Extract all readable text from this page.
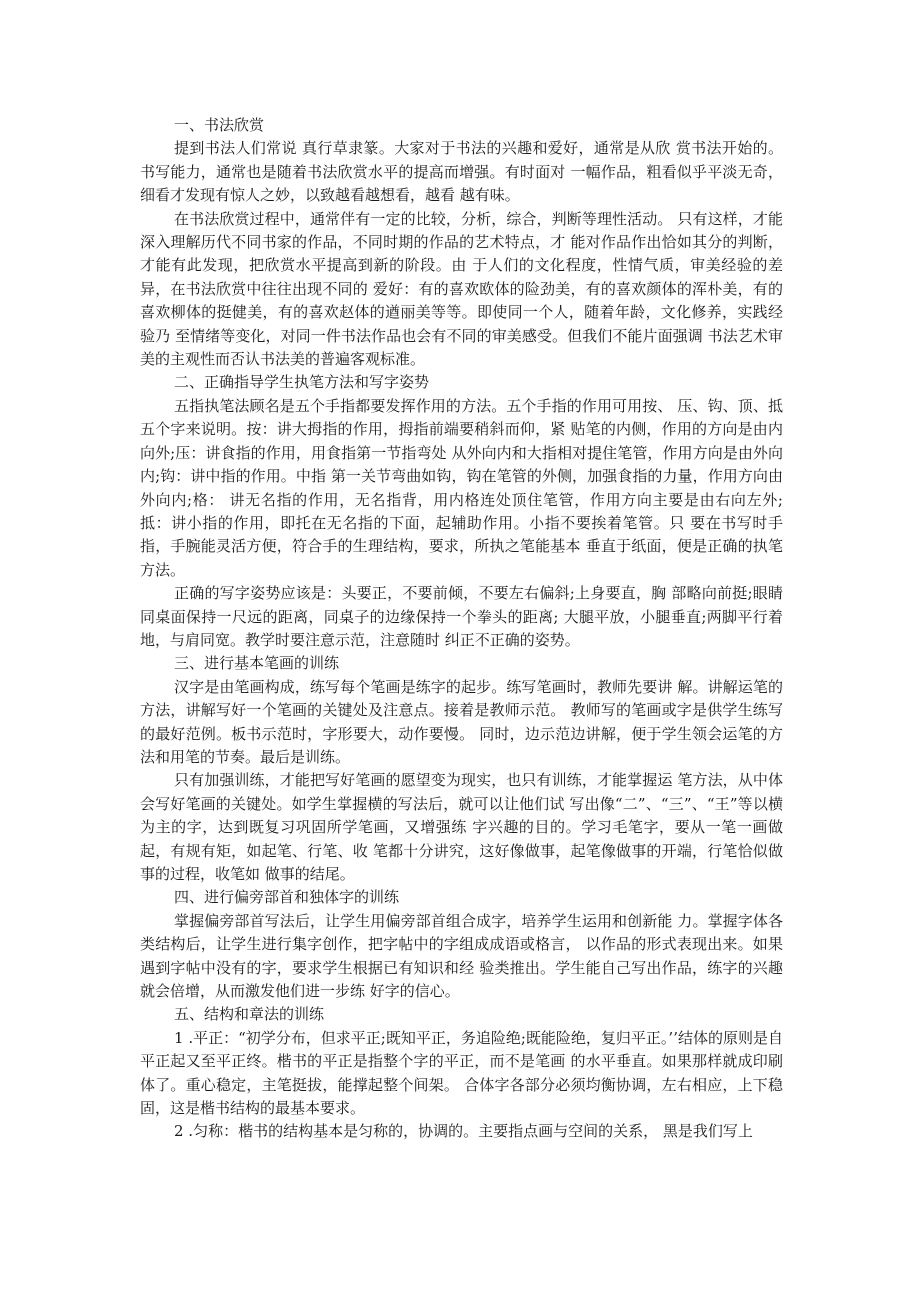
一、书法欣赏

提到书法人们常说 真行草隶篆。大家对于书法的兴趣和爱好，通常是从欣 赏书法开始的。书写能力，通常也是随着书法欣赏水平的提高而增强。有时面对 一幅作品，粗看似乎平淡无奇，细看才发现有惊人之妙，以致越看越想看，越看 越有味。

在书法欣赏过程中，通常伴有一定的比较，分析，综合，判断等理性活动。 只有这样，才能深入理解历代不同书家的作品，不同时期的作品的艺术特点，才 能对作品作出恰如其分的判断，才能有此发现，把欣赏水平提高到新的阶段。由 于人们的文化程度，性情气质，审美经验的差异，在书法欣赏中往往出现不同的 爱好：有的喜欢欧体的险劲美，有的喜欢颜体的浑朴美，有的喜欢柳体的挺健美，有的喜欢赵体的遒丽美等等。即使同一个人，随着年龄，文化修养，实践经验乃 至情绪等变化，对同一件书法作品也会有不同的审美感受。但我们不能片面强调 书法艺术审美的主观性而否认书法美的普遍客观标准。

二、正确指导学生执笔方法和写字姿势

五指执笔法顾名是五个手指都要发挥作用的方法。五个手指的作用可用按、 压、钩、顶、抵五个字来说明。按：讲大拇指的作用，拇指前端要稍斜而仰，紧 贴笔的内侧，作用的方向是由内向外;压：讲食指的作用，用食指第一节指弯处 从外向内和大指相对提住笔管，作用方向是由外向内;钩：讲中指的作用。中指 第一关节弯曲如钩，钩在笔管的外侧，加强食指的力量，作用方向由外向内;格： 讲无名指的作用，无名指背，用内格连处顶住笔管，作用方向主要是由右向左外; 抵：讲小指的作用，即托在无名指的下面，起辅助作用。小指不要挨着笔管。只 要在书写时手指，手腕能灵活方便，符合手的生理结构，要求，所执之笔能基本 垂直于纸面，便是正确的执笔方法。

正确的写字姿势应该是：头要正，不要前倾，不要左右偏斜;上身要直，胸 部略向前挺;眼睛同桌面保持一尺远的距离，同桌子的边缘保持一个拳头的距离; 大腿平放，小腿垂直;两脚平行着地，与肩同宽。教学时要注意示范，注意随时 纠正不正确的姿势。

三、进行基本笔画的训练

汉字是由笔画构成，练写每个笔画是练字的起步。练写笔画时，教师先要讲 解。讲解运笔的方法，讲解写好一个笔画的关键处及注意点。接着是教师示范。 教师写的笔画或字是供学生练写的最好范例。板书示范时，字形要大，动作要慢。 同时，边示范边讲解，便于学生领会运笔的方法和用笔的节奏。最后是训练。

只有加强训练，才能把写好笔画的愿望变为现实，也只有训练，才能掌握运 笔方法，从中体会写好笔画的关键处。如学生掌握横的写法后，就可以让他们试 写出像“二”、“三”、“王”等以横为主的字，达到既复习巩固所学笔画，又增强练 字兴趣的目的。学习毛笔字，要从一笔一画做起，有规有矩，如起笔、行笔、收 笔都十分讲究，这好像做事，起笔像做事的开端，行笔恰似做事的过程，收笔如 做事的结尾。

四、进行偏旁部首和独体字的训练

掌握偏旁部首写法后，让学生用偏旁部首组合成字，培养学生运用和创新能 力。掌握字体各类结构后，让学生进行集字创作，把字帖中的字组成成语或格言， 以作品的形式表现出来。如果遇到字帖中没有的字，要求学生根据已有知识和经 验类推出。学生能自己写出作品，练字的兴趣就会倍增，从而激发他们进一步练 好字的信心。

五、结构和章法的训练

1 .平正：“初学分布，但求平正;既知平正，务追险绝;既能险绝，复归平正。’’结体的原则是自平正起又至平正终。楷书的平正是指整个字的平正，而不是笔画 的水平垂直。如果那样就成印刷体了。重心稳定，主笔挺拔，能撑起整个间架。 合体字各部分必须均衡协调，左右相应，上下稳固，这是楷书结构的最基本要求。

2 .匀称：楷书的结构基本是匀称的，协调的。主要指点画与空间的关系， 黑是我们写上
